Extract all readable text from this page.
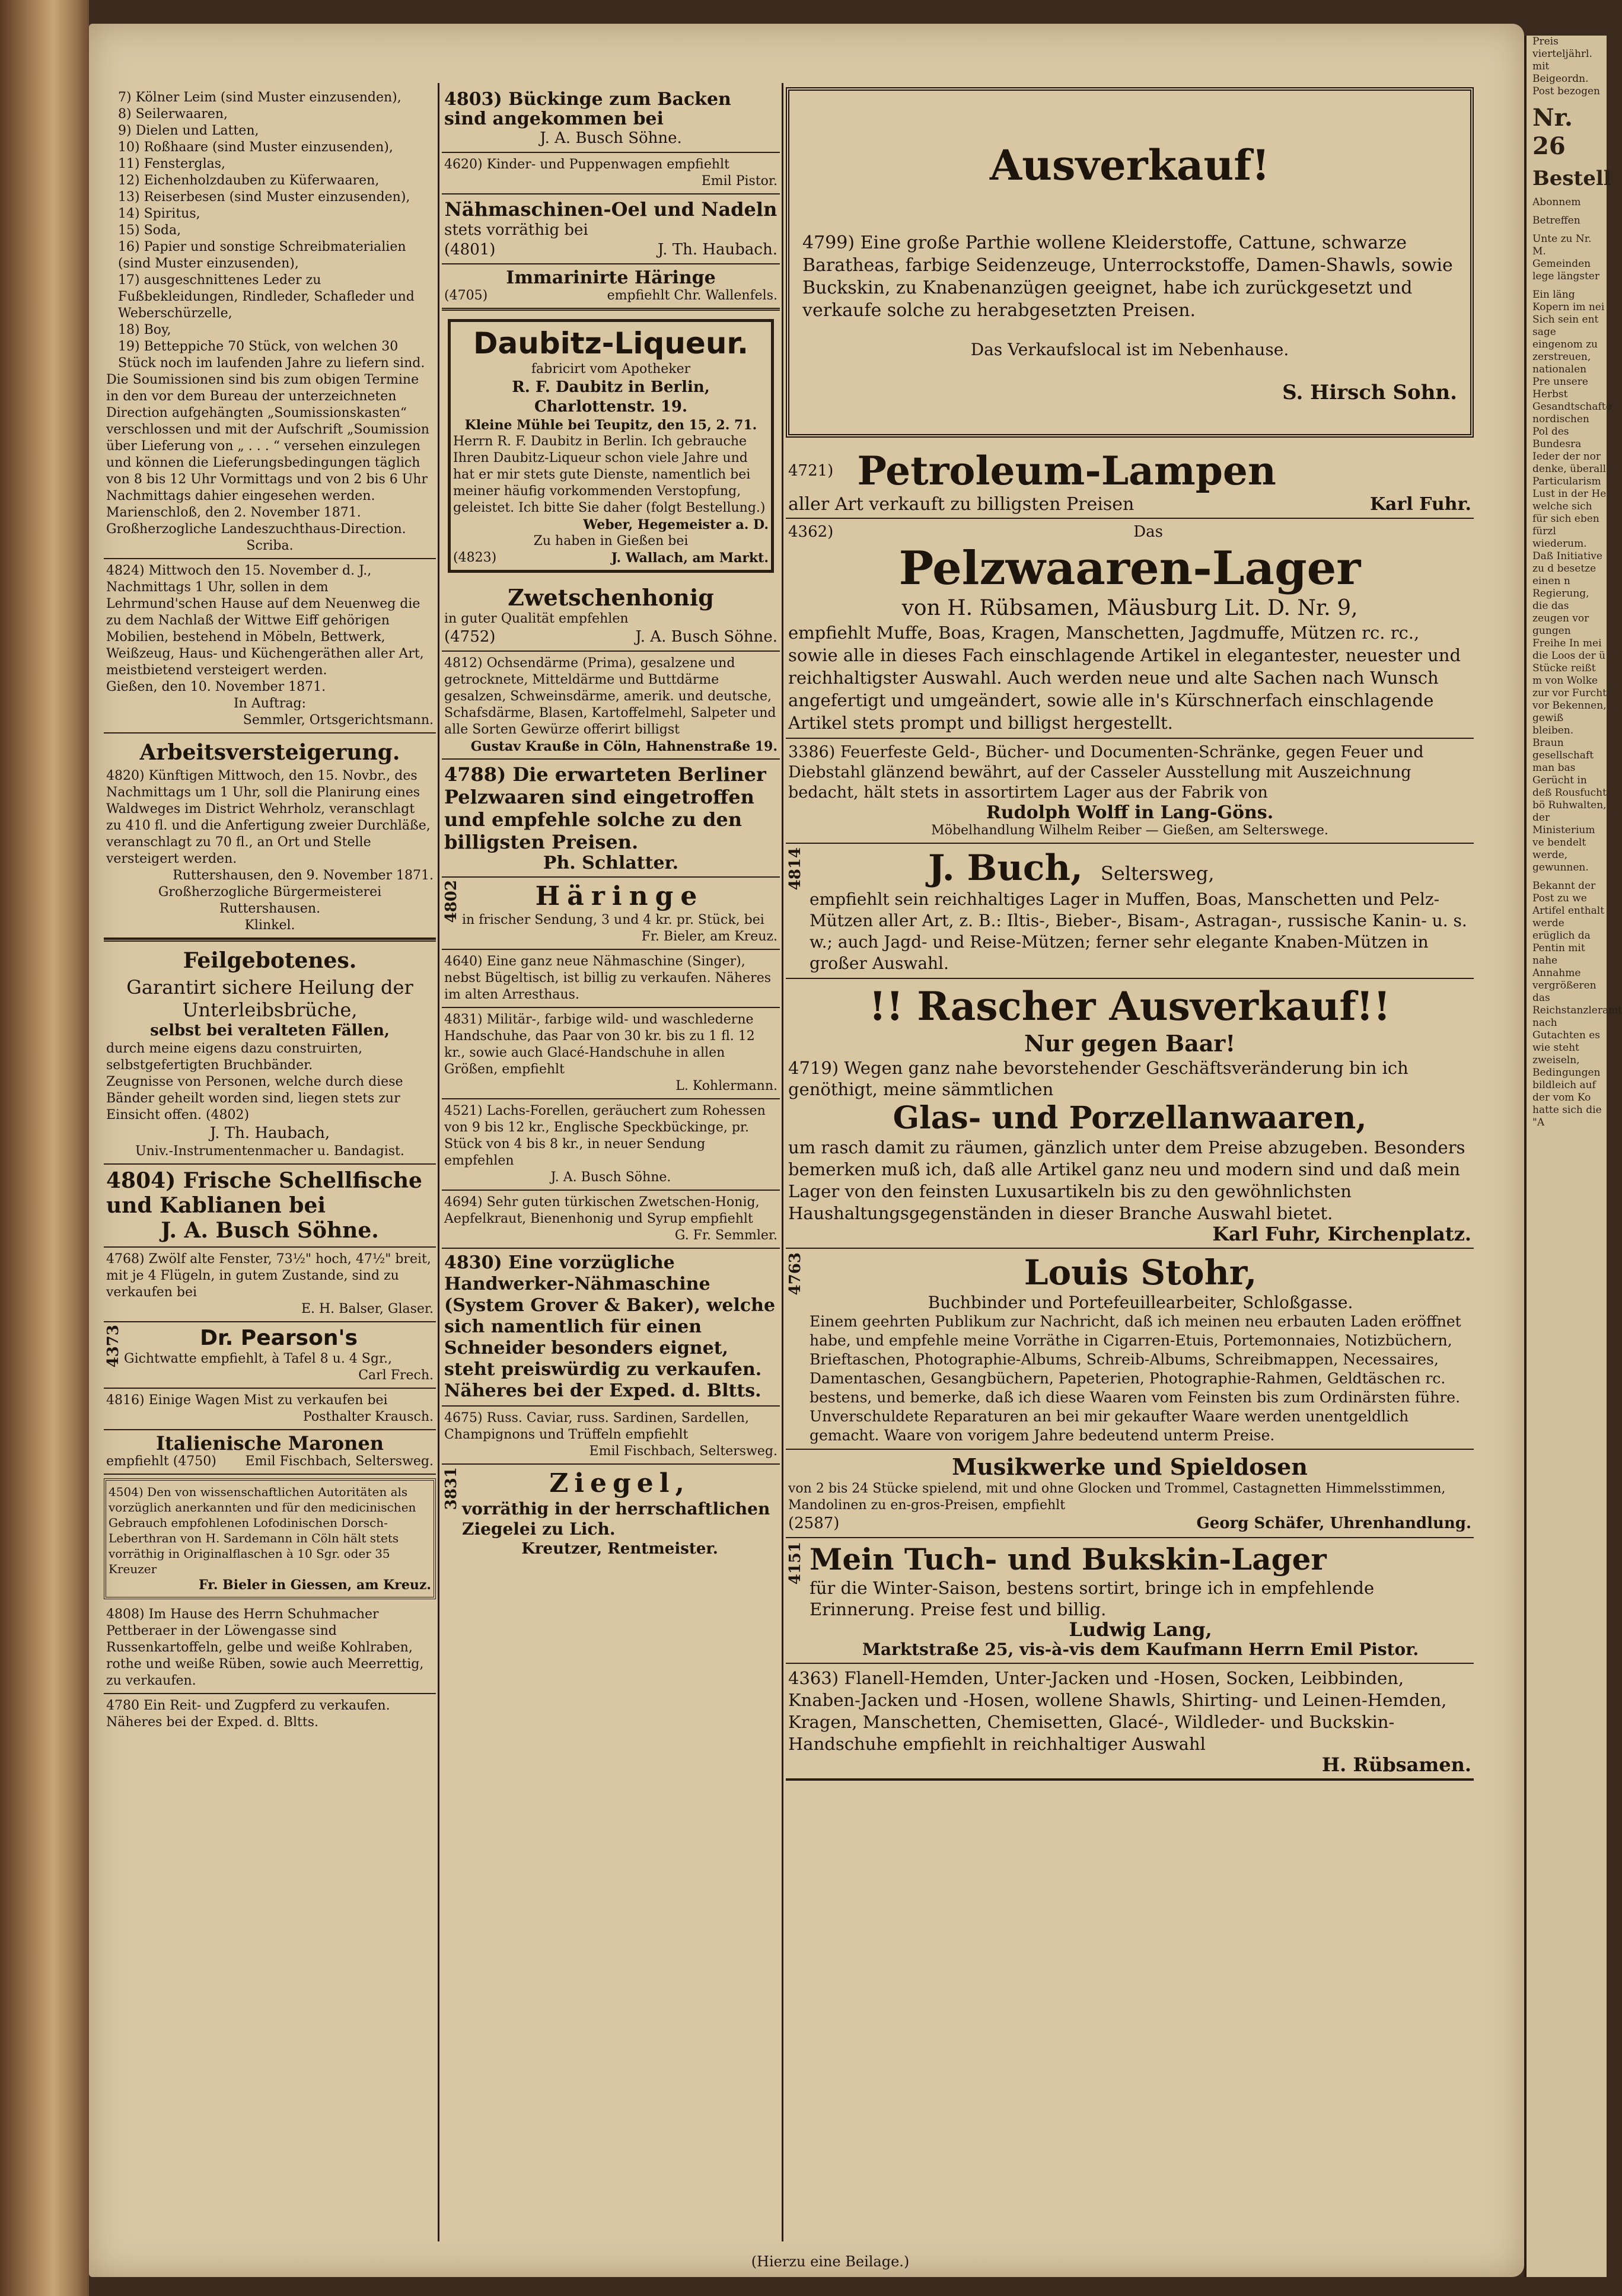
Preis vierteljährl. mit Beigeordn. Post bezogen

Nr. 26

Bestell

Abonnem

Betreffen

Unte zu Nr. M. Gemeinden lege längster

Ein läng Kopern im nei Sich sein ent sage eingenom zu zerstreuen, nationalen Pre unsere Herbst Gesandtschafte nordischen Pol des Bundesra Ieder der nor denke, überall Particularism Lust in der He welche sich für sich eben fürzl wiederum. Daß Initiative zu d besetze einen n Regierung, die das zeugen vor gungen Freihe In mei die Loos der ü Stücke reißt m von Wolke zur vor Furcht vor Bekennen, gewiß bleiben. Braun gesellschaft man bas Gerücht in deß Rousfucht bö Ruhwalten, der Ministerium ve bendelt werde, gewunnen.

Bekannt der Post zu we Artifel enthalt werde erüglich da Pentin mit nahe Annahme vergrößeren das Reichstanzleramt nach Gutachten es wie steht zweiseln, Bedingungen bildleich auf der vom Ko hatte sich die "A

7) Kölner Leim (sind Muster einzusenden),
8) Seilerwaaren,
9) Dielen und Latten,
10) Roßhaare (sind Muster einzusenden),
11) Fensterglas,
12) Eichenholzdauben zu Küferwaaren,
13) Reiserbesen (sind Muster einzusenden),
14) Spiritus,
15) Soda,
16) Papier und sonstige Schreibmaterialien (sind Muster einzusenden),
17) ausgeschnittenes Leder zu Fußbekleidungen, Rindleder, Schafleder und Weberschürzelle,
18) Boy,
19) Betteppiche 70 Stück, von welchen 30 Stück noch im laufenden Jahre zu liefern sind.

Die Soumissionen sind bis zum obigen Termine in den vor dem Bureau der unterzeichneten Direction aufgehängten „Soumissionskasten“ verschlossen und mit der Aufschrift „Soumission über Lieferung von „ . . . “ versehen einzulegen und können die Lieferungsbedingungen täglich von 8 bis 12 Uhr Vormittags und von 2 bis 6 Uhr Nachmittags dahier eingesehen werden.

Marienschloß, den 2. November 1871.

Großherzogliche Landeszuchthaus-Direction.

Scriba.

4824) Mittwoch den 15. November d. J., Nachmittags 1 Uhr, sollen in dem Lehrmund'schen Hause auf dem Neuenweg die zu dem Nachlaß der Wittwe Eiff gehörigen Mobilien, bestehend in Möbeln, Bettwerk, Weißzeug, Haus- und Küchengeräthen aller Art, meistbietend versteigert werden.

Gießen, den 10. November 1871.

In Auftrag:

Semmler, Ortsgerichtsmann.

Arbeitsversteigerung.

4820) Künftigen Mittwoch, den 15. Novbr., des Nachmittags um 1 Uhr, soll die Planirung eines Waldweges im District Wehrholz, veranschlagt zu 410 fl. und die Anfertigung zweier Durchläße, veranschlagt zu 70 fl., an Ort und Stelle versteigert werden.

Ruttershausen, den 9. November 1871.

Großherzogliche Bürgermeisterei Ruttershausen.

Klinkel.

Feilgebotenes.

Garantirt sichere Heilung der Unterleibsbrüche,

selbst bei veralteten Fällen,

durch meine eigens dazu construirten, selbstgefertigten Bruchbänder.

Zeugnisse von Personen, welche durch diese Bänder geheilt worden sind, liegen stets zur Einsicht offen. (4802)

J. Th. Haubach,

Univ.-Instrumentenmacher u. Bandagist.

4804) Frische Schellfische und Kablianen bei

J. A. Busch Söhne.

4768) Zwölf alte Fenster, 73½" hoch, 47½" breit, mit je 4 Flügeln, in gutem Zustande, sind zu verkaufen bei

E. H. Balser, Glaser.

4373	Dr. Pearson's

Gichtwatte empfiehlt, à Tafel 8 u. 4 Sgr.,

Carl Frech.

4816) Einige Wagen Mist zu verkaufen bei

Posthalter Krausch.

Italienische Maronen

empfiehlt (4750) Emil Fischbach, Seltersweg.

4504) Den von wissenschaftlichen Autoritäten als vorzüglich anerkannten und für den medicinischen Gebrauch empfohlenen Lofodinischen Dorsch-Leberthran von H. Sardemann in Cöln hält stets vorräthig in Originalflaschen à 10 Sgr. oder 35 Kreuzer

Fr. Bieler in Giessen, am Kreuz.

4808) Im Hause des Herrn Schuhmacher Pettberaer in der Löwengasse sind Russenkartoffeln, gelbe und weiße Kohlraben, rothe und weiße Rüben, sowie auch Meerrettig, zu verkaufen.

4780 Ein Reit- und Zugpferd zu verkaufen. Näheres bei der Exped. d. Bltts.

4803) Bückinge zum Backen sind angekommen bei

J. A. Busch Söhne.

4620) Kinder- und Puppenwagen empfiehlt

Emil Pistor.

Nähmaschinen-Oel und Nadeln

stets vorräthig bei

(4801)	J. Th. Haubach.

Immarinirte Häringe

(4705)	empfiehlt Chr. Wallenfels.

Daubitz-Liqueur.

fabricirt vom Apotheker

R. F. Daubitz in Berlin, Charlottenstr. 19.

Kleine Mühle bei Teupitz, den 15, 2. 71.

Herrn R. F. Daubitz in Berlin. Ich gebrauche Ihren Daubitz-Liqueur schon viele Jahre und hat er mir stets gute Dienste, namentlich bei meiner häufig vorkommenden Verstopfung, geleistet. Ich bitte Sie daher (folgt Bestellung.)

Weber, Hegemeister a. D.

Zu haben in Gießen bei

(4823)	J. Wallach, am Markt.

Zwetschenhonig

in guter Qualität empfehlen

(4752)	J. A. Busch Söhne.

4812) Ochsendärme (Prima), gesalzene und getrocknete, Mitteldärme und Buttdärme gesalzen, Schweinsdärme, amerik. und deutsche, Schafsdärme, Blasen, Kartoffelmehl, Salpeter und alle Sorten Gewürze offerirt billigst

Gustav Krauße in Cöln, Hahnenstraße 19.

4788) Die erwarteten Berliner Pelzwaaren sind eingetroffen und empfehle solche zu den billigsten Preisen.

Ph. Schlatter.

4802	Häringe

in frischer Sendung, 3 und 4 kr. pr. Stück, bei

Fr. Bieler, am Kreuz.

4640) Eine ganz neue Nähmaschine (Singer), nebst Bügeltisch, ist billig zu verkaufen. Näheres im alten Arresthaus.

4831) Militär-, farbige wild- und waschlederne Handschuhe, das Paar von 30 kr. bis zu 1 fl. 12 kr., sowie auch Glacé-Handschuhe in allen Größen, empfiehlt

L. Kohlermann.

4521) Lachs-Forellen, geräuchert zum Rohessen von 9 bis 12 kr., Englische Speckbückinge, pr. Stück von 4 bis 8 kr., in neuer Sendung empfehlen

J. A. Busch Söhne.

4694) Sehr guten türkischen Zwetschen-Honig, Aepfelkraut, Bienenhonig und Syrup empfiehlt

G. Fr. Semmler.

4830) Eine vorzügliche Handwerker-Nähmaschine (System Grover & Baker), welche sich namentlich für einen Schneider besonders eignet, steht preiswürdig zu verkaufen. Näheres bei der Exped. d. Bltts.

4675) Russ. Caviar, russ. Sardinen, Sardellen, Champignons und Trüffeln empfiehlt

Emil Fischbach, Seltersweg.

3831	Ziegel,

vorräthig in der herrschaftlichen Ziegelei zu Lich.

Kreutzer, Rentmeister.

Ausverkauf!

4799) Eine große Parthie wollene Kleiderstoffe, Cattune, schwarze Baratheas, farbige Seidenzeuge, Unterrockstoffe, Damen-Shawls, sowie Buckskin, zu Knabenanzügen geeignet, habe ich zurückgesetzt und verkaufe solche zu herabgesetzten Preisen.

Das Verkaufslocal ist im Nebenhause.

S. Hirsch Sohn.

4721) Petroleum-Lampen
aller Art verkauft zu billigsten Preisen	Karl Fuhr.
4362)	Das

Pelzwaaren-Lager

von H. Rübsamen, Mäusburg Lit. D. Nr. 9,

empfiehlt Muffe, Boas, Kragen, Manschetten, Jagdmuffe, Mützen rc. rc., sowie alle in dieses Fach einschlagende Artikel in elegantester, neuester und reichhaltigster Auswahl. Auch werden neue und alte Sachen nach Wunsch angefertigt und umgeändert, sowie alle in's Kürschnerfach einschlagende Artikel stets prompt und billigst hergestellt.

3386) Feuerfeste Geld-, Bücher- und Documenten-Schränke, gegen Feuer und Diebstahl glänzend bewährt, auf der Casseler Ausstellung mit Auszeichnung bedacht, hält stets in assortirtem Lager aus der Fabrik von

Rudolph Wolff in Lang-Göns.

Möbelhandlung Wilhelm Reiber — Gießen, am Selterswege.

4814	J. Buch, Seltersweg,

empfiehlt sein reichhaltiges Lager in Muffen, Boas, Manschetten und Pelz-Mützen aller Art, z. B.: Iltis-, Bieber-, Bisam-, Astragan-, russische Kanin- u. s. w.; auch Jagd- und Reise-Mützen; ferner sehr elegante Knaben-Mützen in großer Auswahl.

!! Rascher Ausverkauf!!

Nur gegen Baar!

4719) Wegen ganz nahe bevorstehender Geschäftsveränderung bin ich genöthigt, meine sämmtlichen

Glas- und Porzellanwaaren,

um rasch damit zu räumen, gänzlich unter dem Preise abzugeben. Besonders bemerken muß ich, daß alle Artikel ganz neu und modern sind und daß mein Lager von den feinsten Luxusartikeln bis zu den gewöhnlichsten Haushaltungsgegenständen in dieser Branche Auswahl bietet.

Karl Fuhr, Kirchenplatz.

4763	Louis Stohr,

Buchbinder und Portefeuillearbeiter, Schloßgasse.

Einem geehrten Publikum zur Nachricht, daß ich meinen neu erbauten Laden eröffnet habe, und empfehle meine Vorräthe in Cigarren-Etuis, Portemonnaies, Notizbüchern, Brieftaschen, Photographie-Albums, Schreib-Albums, Schreibmappen, Necessaires, Damentaschen, Gesangbüchern, Papeterien, Photographie-Rahmen, Geldtäschen rc. bestens, und bemerke, daß ich diese Waaren vom Feinsten bis zum Ordinärsten führe. Unverschuldete Reparaturen an bei mir gekaufter Waare werden unentgeldlich gemacht. Waare von vorigem Jahre bedeutend unterm Preise.

Musikwerke und Spieldosen

von 2 bis 24 Stücke spielend, mit und ohne Glocken und Trommel, Castagnetten Himmelsstimmen, Mandolinen zu en-gros-Preisen, empfiehlt

(2587)	Georg Schäfer, Uhrenhandlung.
4151 Mein Tuch- und Bukskin-Lager

für die Winter-Saison, bestens sortirt, bringe ich in empfehlende Erinnerung. Preise fest und billig.

Ludwig Lang,

Marktstraße 25, vis-à-vis dem Kaufmann Herrn Emil Pistor.

4363) Flanell-Hemden, Unter-Jacken und -Hosen, Socken, Leibbinden, Knaben-Jacken und -Hosen, wollene Shawls, Shirting- und Leinen-Hemden, Kragen, Manschetten, Chemisetten, Glacé-, Wildleder- und Buckskin-Handschuhe empfiehlt in reichhaltiger Auswahl

H. Rübsamen.

(Hierzu eine Beilage.)
